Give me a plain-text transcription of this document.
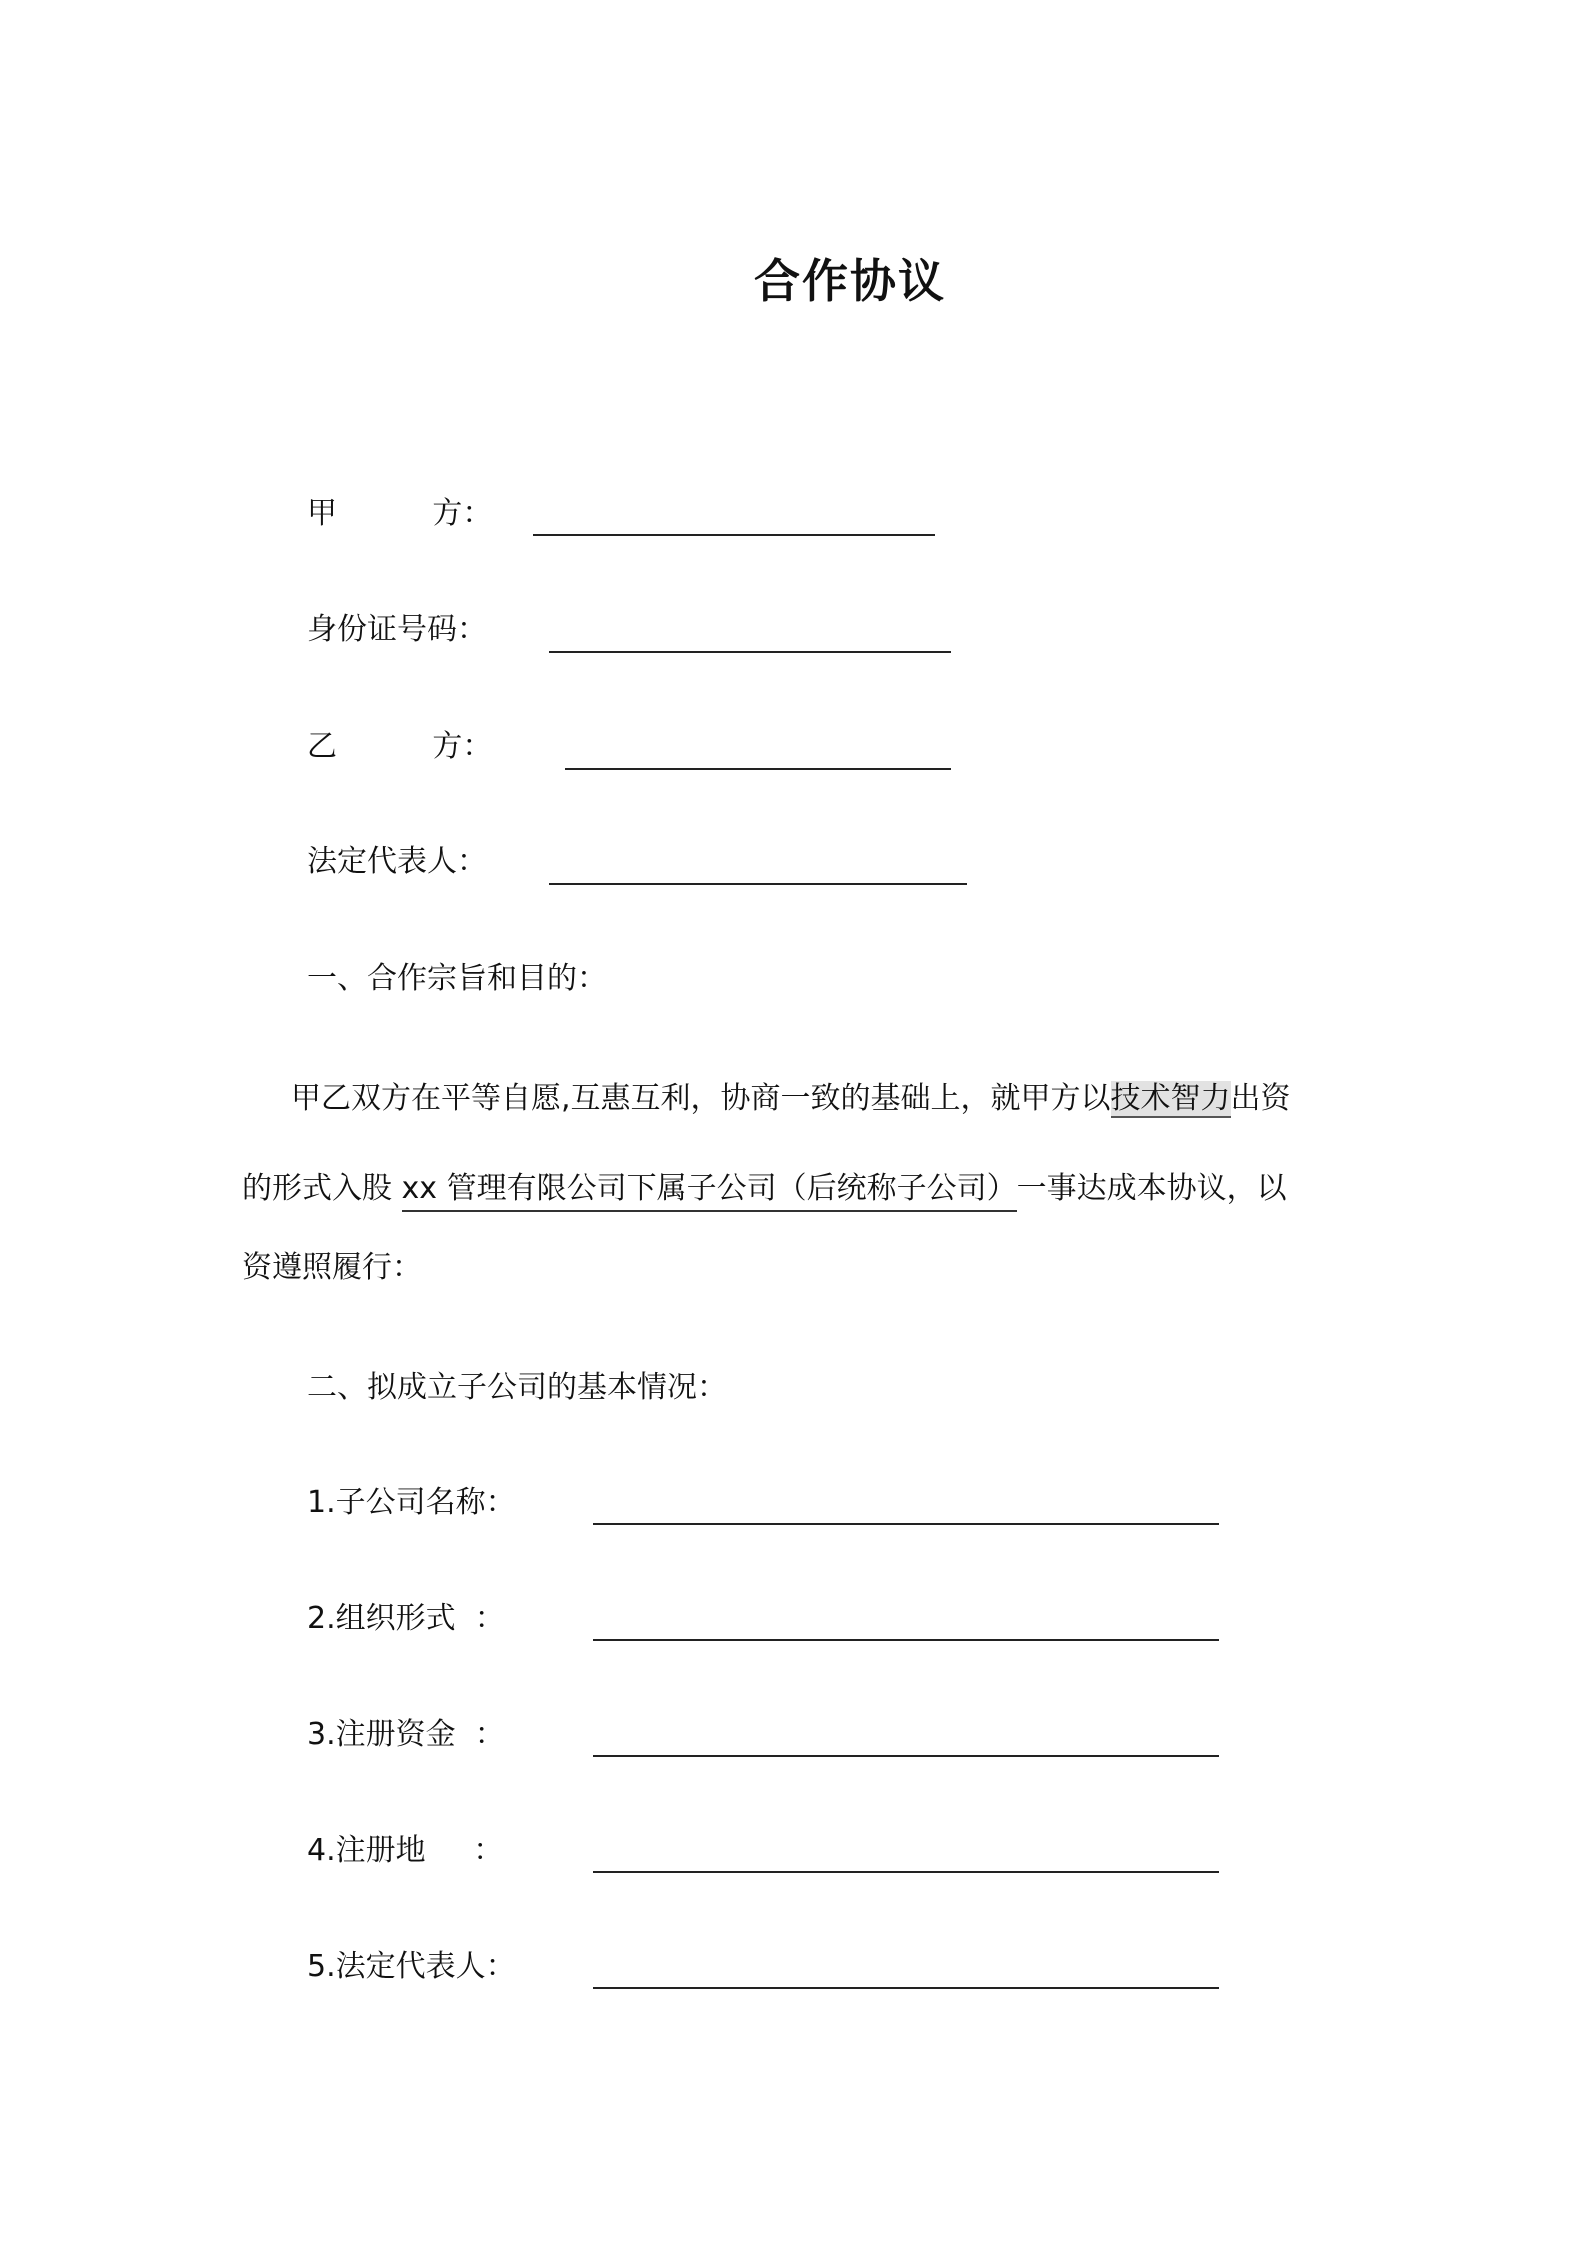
合作协议
甲          方：
身份证号码：
乙          方：
法定代表人：
一、合作宗旨和目的：
甲乙双方在平等自愿,互惠互利，协商一致的基础上，就甲方以技术智力出资
的形式入股 xx 管理有限公司下属子公司（后统称子公司）一事达成本协议，以
资遵照履行：
二、拟成立子公司的基本情况：
1.子公司名称：
2.组织形式  ：
3.注册资金  ：
4.注册地     ：
5.法定代表人：
